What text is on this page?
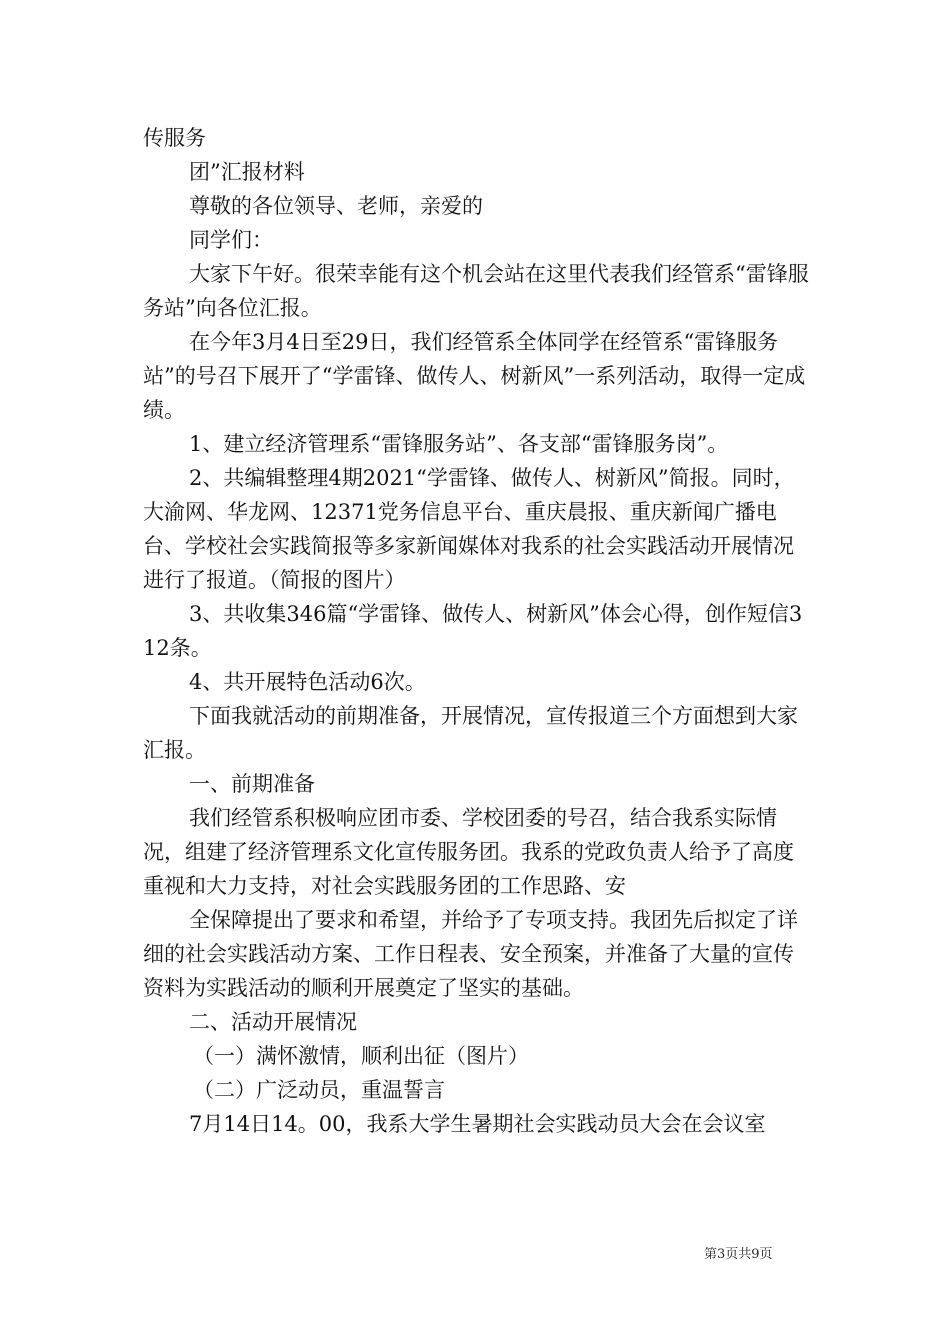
传服务

团”汇报材料

尊敬的各位领导、老师，亲爱的

同学们：

大家下午好。很荣幸能有这个机会站在这里代表我们经管系“雷锋服务站”向各位汇报。

在今年3月4日至29日，我们经管系全体同学在经管系“雷锋服务站”的号召下展开了“学雷锋、做传人、树新风”一系列活动，取得一定成绩。

1、建立经济管理系“雷锋服务站”、各支部“雷锋服务岗”。

2、共编辑整理4期2021“学雷锋、做传人、树新风”简报。同时，大渝网、华龙网、12371党务信息平台、重庆晨报、重庆新闻广播电台、学校社会实践简报等多家新闻媒体对我系的社会实践活动开展情况进行了报道。（简报的图片）

3、共收集346篇“学雷锋、做传人、树新风”体会心得，创作短信312条。

4、共开展特色活动6次。

下面我就活动的前期准备，开展情况，宣传报道三个方面想到大家汇报。

一、前期准备

我们经管系积极响应团市委、学校团委的号召，结合我系实际情况，组建了经济管理系文化宣传服务团。我系的党政负责人给予了高度重视和大力支持，对社会实践服务团的工作思路、安

全保障提出了要求和希望，并给予了专项支持。我团先后拟定了详细的社会实践活动方案、工作日程表、安全预案，并准备了大量的宣传资料为实践活动的顺利开展奠定了坚实的基础。

二、活动开展情况

（一）满怀激情，顺利出征（图片）

（二）广泛动员，重温誓言

7月14日14。00，我系大学生暑期社会实践动员大会在会议室

第3页共9页
